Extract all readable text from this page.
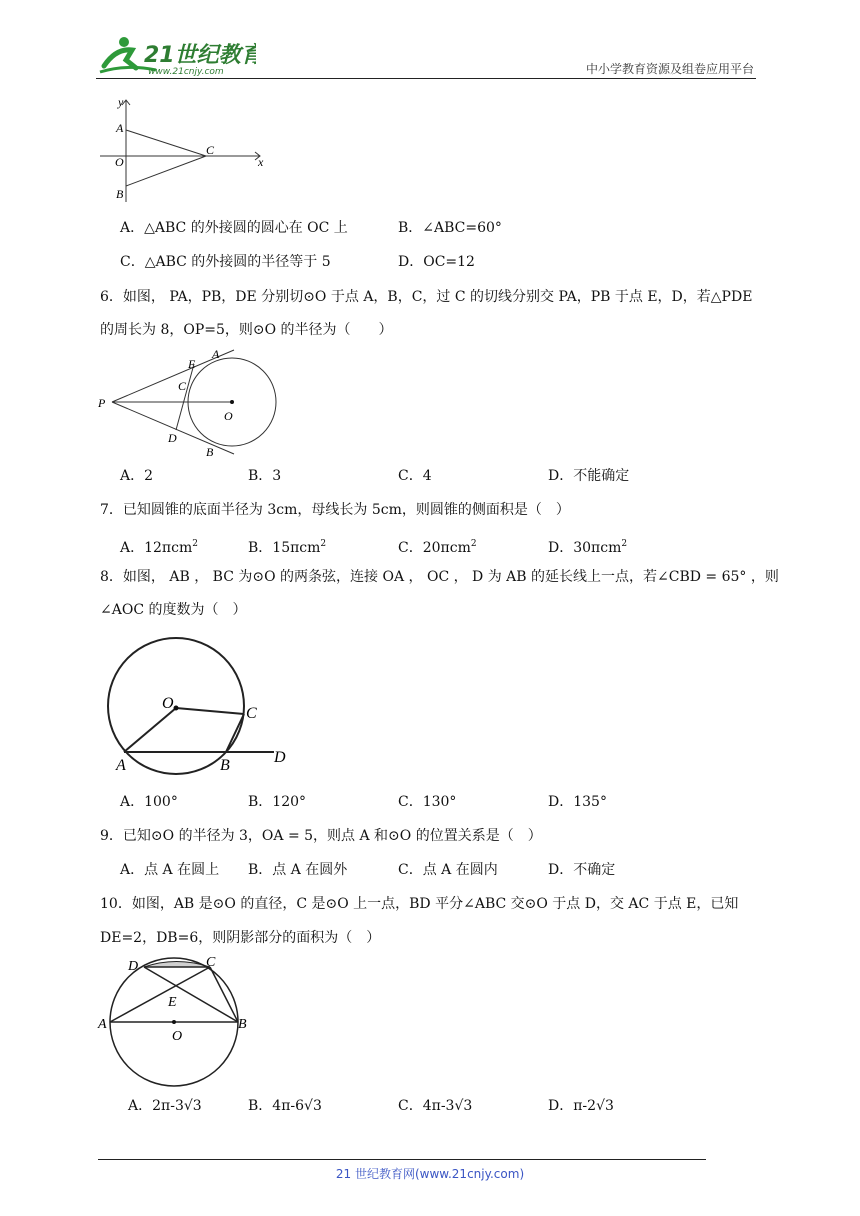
21世纪教育
www.21cnjy.com	中小学教育资源及组卷应用平台
y
x
A
O
B
C
A．△ABC 的外接圆的圆心在 OC 上	B．∠ABC=60°
C．△ABC 的外接圆的半径等于 5	D．OC=12
6．如图， PA，PB，DE 分别切⊙O 于点 A，B，C，过 C 的切线分别交 PA，PB 于点 E，D，若△PDE
的周长为 8，OP=5，则⊙O 的半径为（　　）
P
E
A
C
O
D
B
A．2	B．3	C．4	D．不能确定
7．已知圆锥的底面半径为 3cm，母线长为 5cm，则圆锥的侧面积是（　）
A．12πcm$^2$	B．15πcm$^2$	C．20πcm$^2$	D．30πcm$^2$
8．如图， AB ， BC 为⊙O 的两条弦，连接 OA ， OC ， D 为 AB 的延长线上一点，若∠CBD = 65° ，则
∠AOC 的度数为（　）
O
C
A	B	D
A．100°	B．120°	C．130°	D．135°
9．已知⊙O 的半径为 3，OA = 5，则点 A 和⊙O 的位置关系是（　）
A．点 A 在圆上 B．点 A 在圆外	C．点 A 在圆内	D．不确定
10．如图，AB 是⊙O 的直径，C 是⊙O 上一点，BD 平分∠ABC 交⊙O 于点 D，交 AC 于点 E，已知
DE=2，DB=6，则阴影部分的面积为（　）
D	C
E
A
O
B
A．2π-3√3	B．4π-6√3	C．4π-3√3	D．π-2√3
21 世纪教育网(www.21cnjy.com)
